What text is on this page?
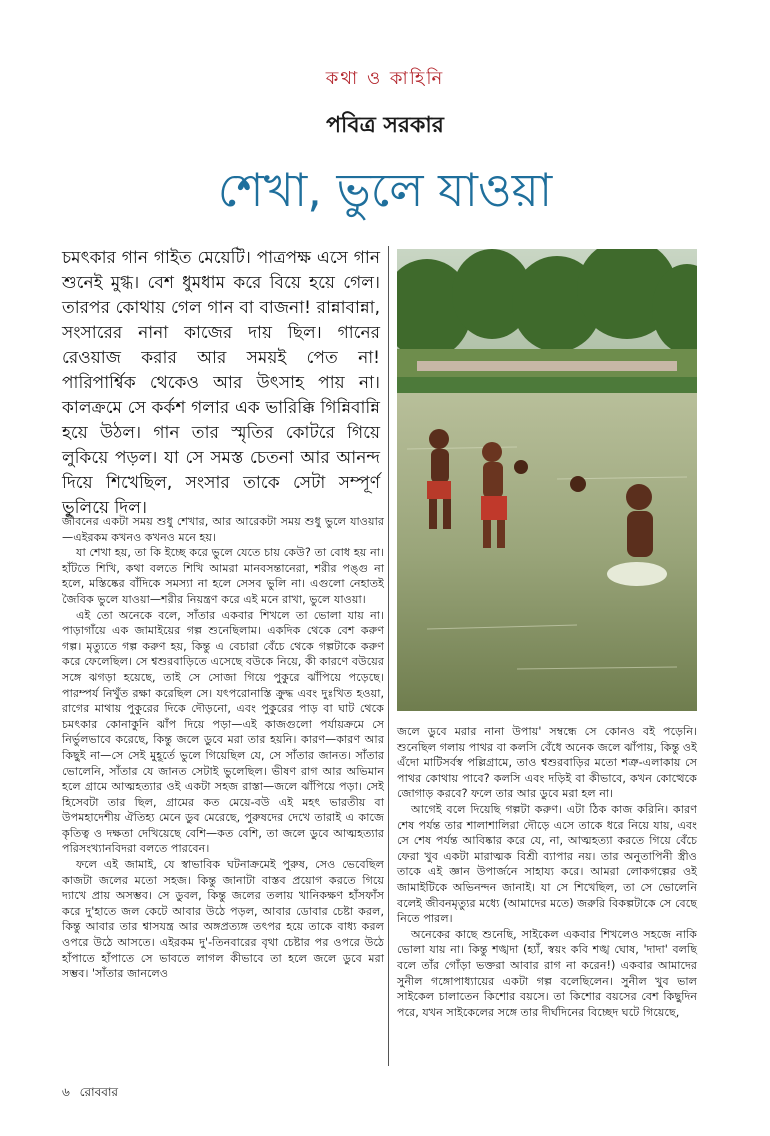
কথা ও কাহিনি
পবিত্র সরকার
শেখা, ভুলে যাওয়া

চমৎকার গান গাইত মেয়েটি। পাত্রপক্ষ এসে গান শুনেই মুগ্ধ। বেশ ধুমধাম করে বিয়ে হয়ে গেল। তারপর কোথায় গেল গান বা বাজনা! রান্নাবান্না, সংসারের নানা কাজের দায় ছিল। গানের রেওয়াজ করার আর সময়ই পেত না! পারিপার্শ্বিক থেকেও আর উৎসাহ পায় না। কালক্রমে সে কর্কশ গলার এক ভারিক্কি গিন্নিবান্নি হয়ে উঠল। গান তার স্মৃতির কোটরে গিয়ে লুকিয়ে পড়ল। যা সে সমস্ত চেতনা আর আনন্দ দিয়ে শিখেছিল, সংসার তাকে সেটা সম্পূর্ণ ভুলিয়ে দিল।

জীবনের একটা সময় শুধু শেখার, আর আরেকটা সময় শুধু ভুলে যাওয়ার—এইরকম কখনও কখনও মনে হয়।

যা শেখা হয়, তা কি ইচ্ছে করে ভুলে যেতে চায় কেউ? তা বোধ হয় না। হাঁটতে শিখি, কথা বলতে শিখি আমরা মানবসন্তানেরা, শরীর পঙ্গু না হলে, মস্তিষ্কের বাঁদিকে সমস্যা না হলে সেসব ভুলি না। এগুলো নেহাতই জৈবিক ভুলে যাওয়া—শরীর নিয়ন্ত্রণ করে এই মনে রাখা, ভুলে যাওয়া।

এই তো অনেকে বলে, সাঁতার একবার শিখলে তা ভোলা যায় না। পাড়াগাঁয়ে এক জামাইয়ের গল্প শুনেছিলাম। একদিক থেকে বেশ করুণ গল্প। মৃত্যুতে গল্প করুণ হয়, কিন্তু এ বেচারা বেঁচে থেকে গল্পটাকে করুণ করে ফেলেছিল। সে শ্বশুরবাড়িতে এসেছে বউকে নিয়ে, কী কারণে বউয়ের সঙ্গে ঝগড়া হয়েছে, তাই সে সোজা গিয়ে পুকুরে ঝাঁপিয়ে পড়েছে। পারম্পর্য নিখুঁত রক্ষা করেছিল সে। যৎপরোনাস্তি ক্রুদ্ধ এবং দুঃখিত হওয়া, রাগের মাথায় পুকুরের দিকে দৌড়নো, এবং পুকুরের পাড় বা ঘাট থেকে চমৎকার কোনাকুনি ঝাঁপ দিয়ে পড়া—এই কাজগুলো পর্যায়ক্রমে সে নির্ভুলভাবে করেছে, কিন্তু জলে ডুবে মরা তার হয়নি। কারণ—কারণ আর কিছুই না—সে সেই মুহূর্তে ভুলে গিয়েছিল যে, সে সাঁতার জানত। সাঁতার ভোলেনি, সাঁতার যে জানত সেটাই ভুলেছিল। ভীষণ রাগ আর অভিমান হলে গ্রামে আত্মহত্যার ওই একটা সহজ রাস্তা—জলে ঝাঁপিয়ে পড়া। সেই হিসেবটা তার ছিল, গ্রামের কত মেয়ে-বউ এই মহৎ ভারতীয় বা উপমহাদেশীয় ঐতিহ্য মেনে ডুব মেরেছে, পুরুষদের দেখে তারাই এ কাজে কৃতিত্ব ও দক্ষতা দেখিয়েছে বেশি—কত বেশি, তা জলে ডুবে আত্মহত্যার পরিসংখ্যানবিদরা বলতে পারবেন।

ফলে এই জামাই, যে স্বাভাবিক ঘটনাক্রমেই পুরুষ, সেও ভেবেছিল কাজটা জলের মতো সহজ। কিন্তু জানাটা বাস্তব প্রয়োগ করতে গিয়ে দ্যাখে প্রায় অসম্ভব। সে ডুবল, কিন্তু জলের তলায় খানিকক্ষণ হাঁসফাঁস করে দু'হাতে জল কেটে আবার উঠে পড়ল, আবার ডোবার চেষ্টা করল, কিন্তু আবার তার শ্বাসযন্ত্র আর অঙ্গপ্রত্যঙ্গ তৎপর হয়ে তাকে বাধ্য করল ওপরে উঠে আসতে। এইরকম দু'-তিনবারের বৃথা চেষ্টার পর ওপরে উঠে হাঁপাতে হাঁপাতে সে ভাবতে লাগল কীভাবে তা হলে জলে ডুবে মরা সম্ভব। 'সাঁতার জানলেও

জলে ডুবে মরার নানা উপায়' সম্বন্ধে সে কোনও বই পড়েনি। শুনেছিল গলায় পাথর বা কলসি বেঁধে অনেক জলে ঝাঁপায়, কিন্তু ওই এঁদো মাটিসর্বস্ব পল্লিগ্রামে, তাও শ্বশুরবাড়ির মতো শত্রু-এলাকায় সে পাথর কোথায় পাবে? কলসি এবং দড়িই বা কীভাবে, কখন কোত্থেকে জোগাড় করবে? ফলে তার আর ডুবে মরা হল না।

আগেই বলে দিয়েছি গল্পটা করুণ। এটা ঠিক কাজ করিনি। কারণ শেষ পর্যন্ত তার শালাশালিরা দৌড়ে এসে তাকে ধরে নিয়ে যায়, এবং সে শেষ পর্যন্ত আবিষ্কার করে যে, না, আত্মহত্যা করতে গিয়ে বেঁচে ফেরা খুব একটা মারাত্মক বিশ্রী ব্যাপার নয়। তার অনুতাপিনী স্ত্রীও তাকে এই জ্ঞান উপার্জনে সাহায্য করে। আমরা লোকগল্পের ওই জামাইটিকে অভিনন্দন জানাই। যা সে শিখেছিল, তা সে ভোলেনি বলেই জীবনমৃত্যুর মধ্যে (আমাদের মতে) জরুরি বিকল্পটাকে সে বেছে নিতে পারল।

অনেকের কাছে শুনেছি, সাইকেল একবার শিখলেও সহজে নাকি ভোলা যায় না। কিন্তু শঙ্খদা (হ্যাঁ, স্বয়ং কবি শঙ্খ ঘোষ, 'দাদা' বলছি বলে তাঁর গোঁড়া ভক্তরা আবার রাগ না করেন!) একবার আমাদের সুনীল গঙ্গোপাধ্যায়ের একটা গল্প বলেছিলেন। সুনীল খুব ভাল সাইকেল চালাতেন কিশোর বয়সে। তা কিশোর বয়সের বেশ কিছুদিন পরে, যখন সাইকেলের সঙ্গে তার দীর্ঘদিনের বিচ্ছেদ ঘটে গিয়েছে,

৬ রোববার
